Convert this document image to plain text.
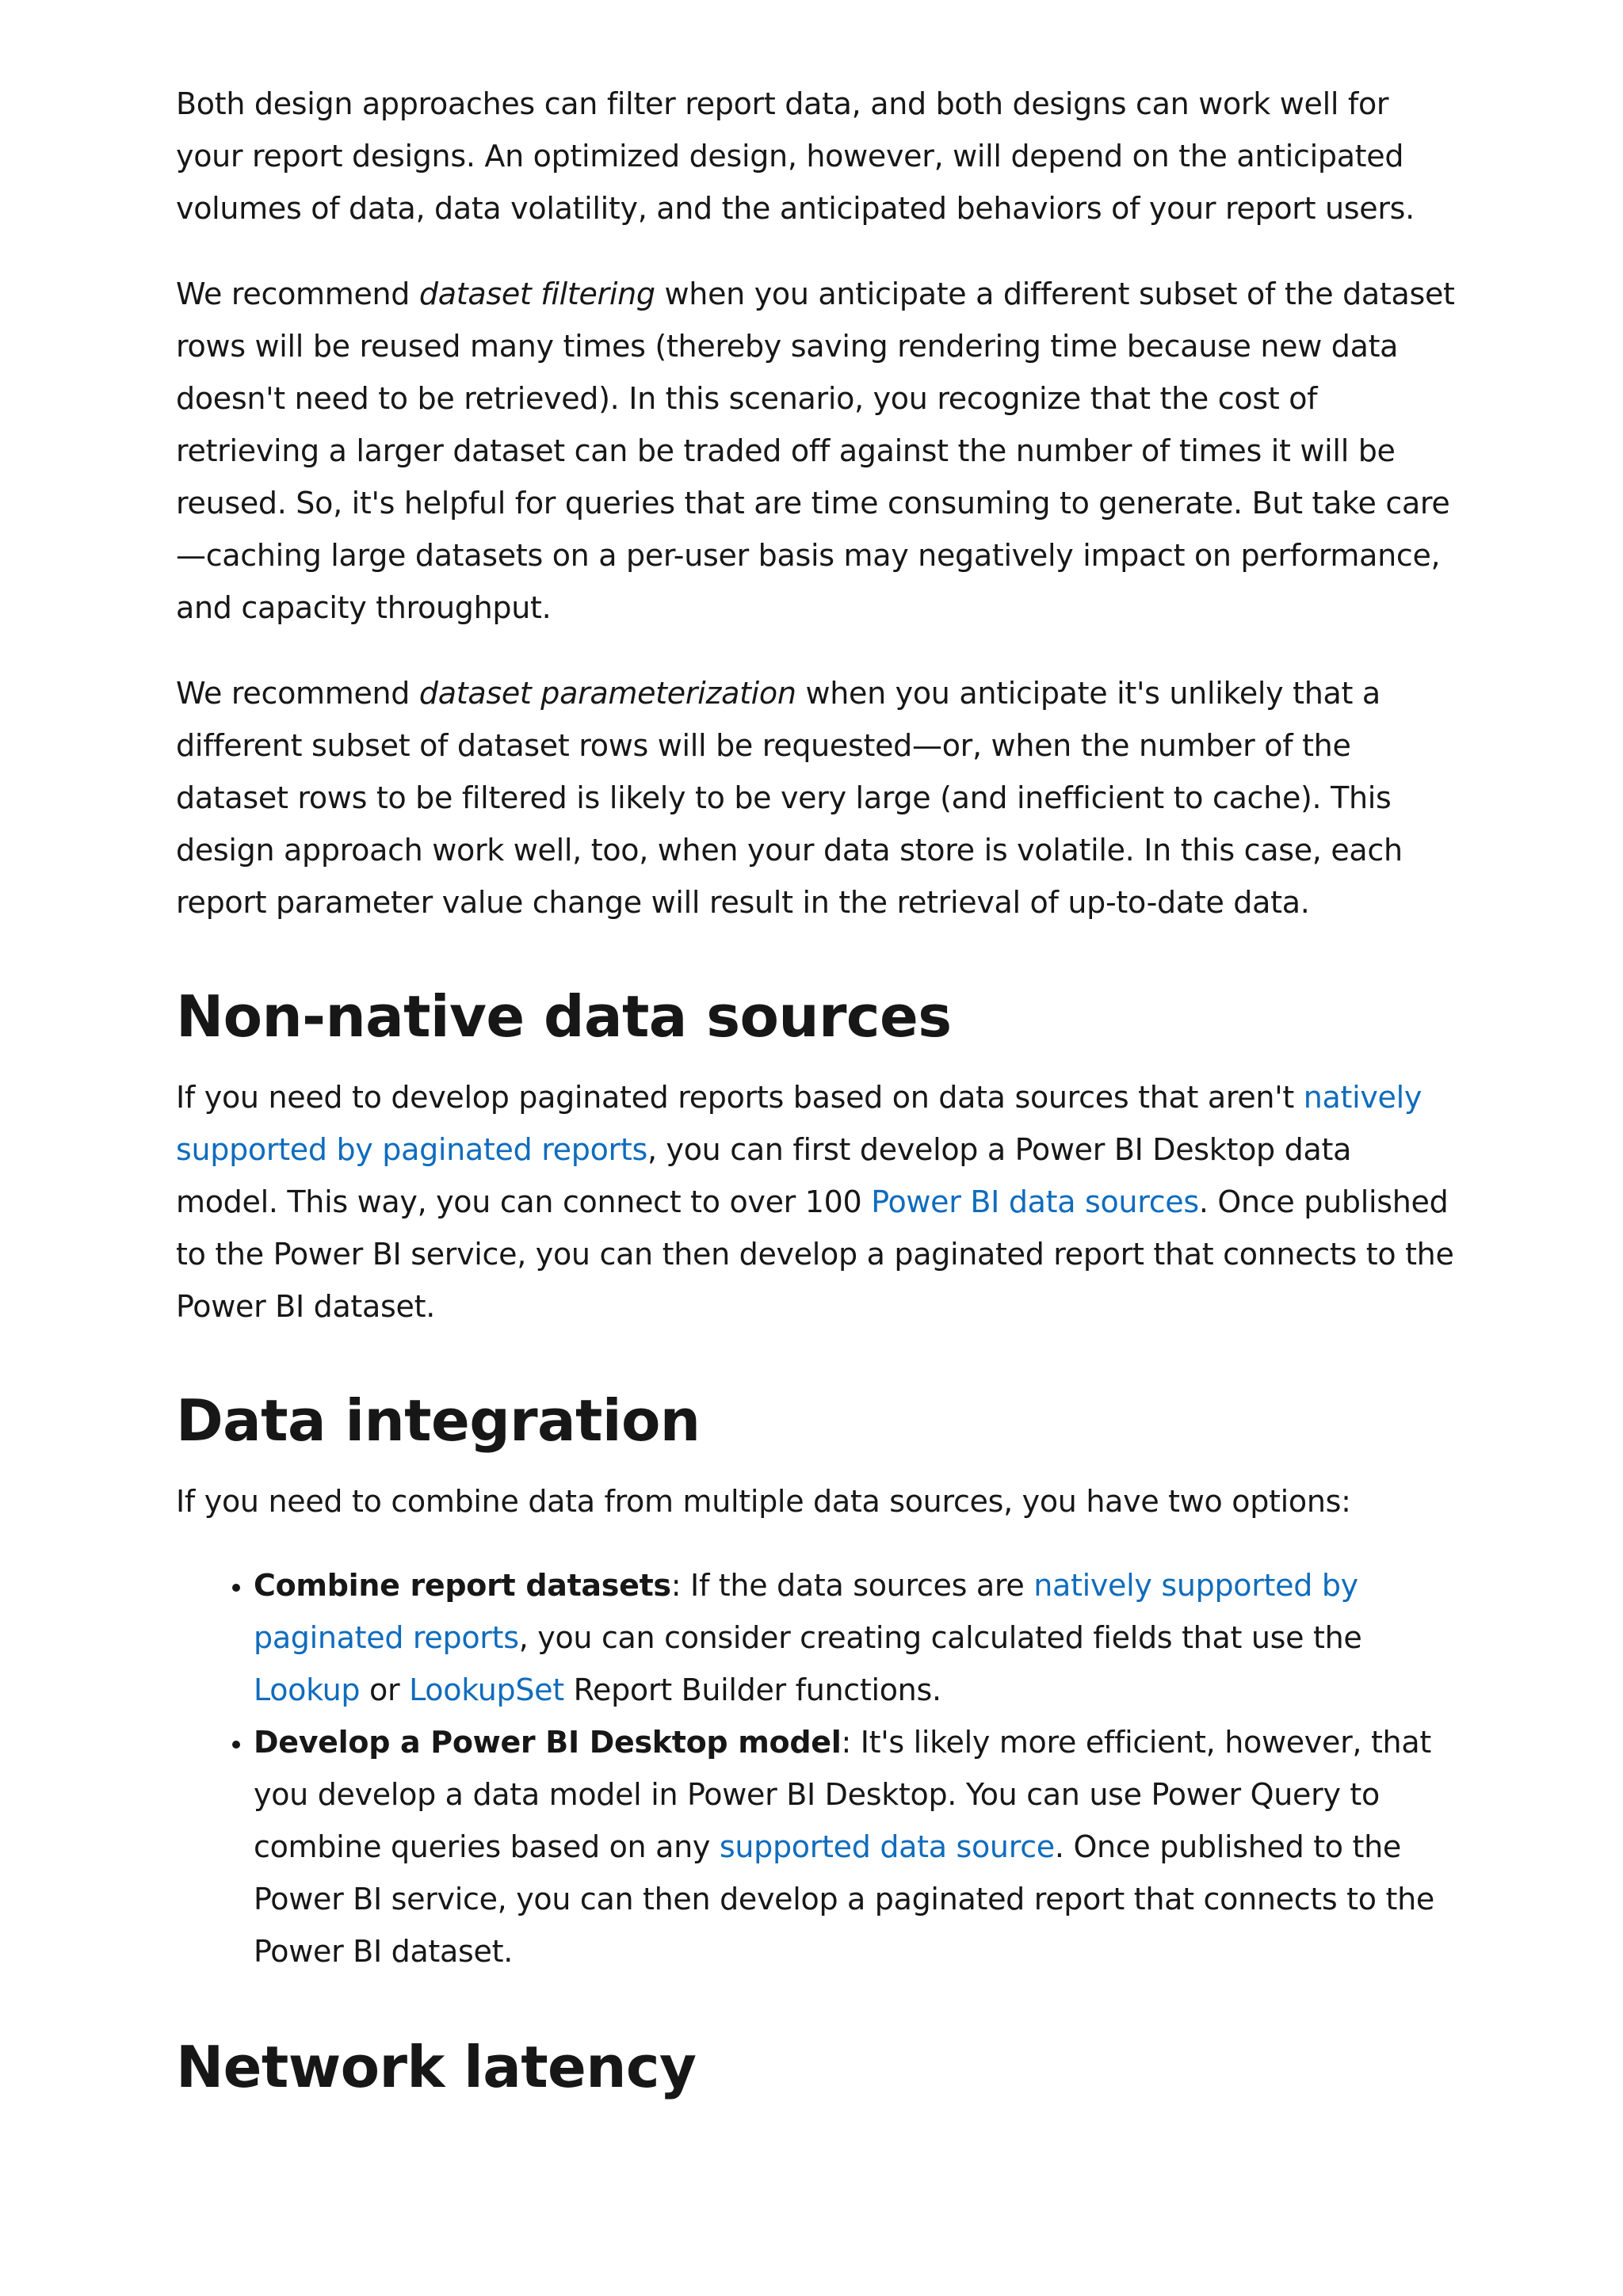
Both design approaches can filter report data, and both designs can work well for your report designs. An optimized design, however, will depend on the anticipated volumes of data, data volatility, and the anticipated behaviors of your report users.

We recommend dataset filtering when you anticipate a different subset of the dataset rows will be reused many times (thereby saving rendering time because new data doesn't need to be retrieved). In this scenario, you recognize that the cost of retrieving a larger dataset can be traded off against the number of times it will be reused. So, it's helpful for queries that are time consuming to generate. But take care—caching large datasets on a per-user basis may negatively impact on performance, and capacity throughput.

We recommend dataset parameterization when you anticipate it's unlikely that a different subset of dataset rows will be requested—or, when the number of the dataset rows to be filtered is likely to be very large (and inefficient to cache). This design approach work well, too, when your data store is volatile. In this case, each report parameter value change will result in the retrieval of up-to-date data.

Non-native data sources

If you need to develop paginated reports based on data sources that aren't natively supported by paginated reports, you can first develop a Power BI Desktop data model. This way, you can connect to over 100 Power BI data sources. Once published to the Power BI service, you can then develop a paginated report that connects to the Power BI dataset.

Data integration

If you need to combine data from multiple data sources, you have two options:

• Combine report datasets: If the data sources are natively supported by paginated reports, you can consider creating calculated fields that use the Lookup or LookupSet Report Builder functions.
• Develop a Power BI Desktop model: It's likely more efficient, however, that you develop a data model in Power BI Desktop. You can use Power Query to combine queries based on any supported data source. Once published to the Power BI service, you can then develop a paginated report that connects to the Power BI dataset.
Network latency
